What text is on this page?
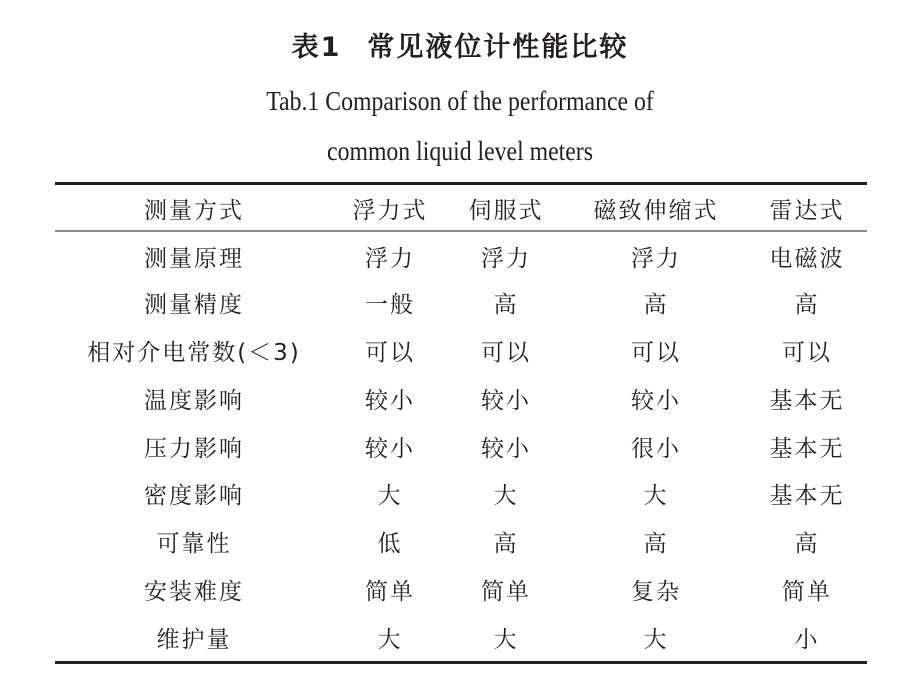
表1 常见液位计性能比较
Tab.1 Comparison of the performance of
common liquid level meters
测量方式	浮力式	伺服式	磁致伸缩式	雷达式
测量原理	浮力	浮力	浮力	电磁波
测量精度	一般	高	高	高
相对介电常数(＜3)	可以	可以	可以	可以
温度影响	较小	较小	较小	基本无
压力影响	较小	较小	很小	基本无
密度影响	大	大	大	基本无
可靠性	低	高	高	高
安装难度	简单	简单	复杂	简单
维护量	大	大	大	小
